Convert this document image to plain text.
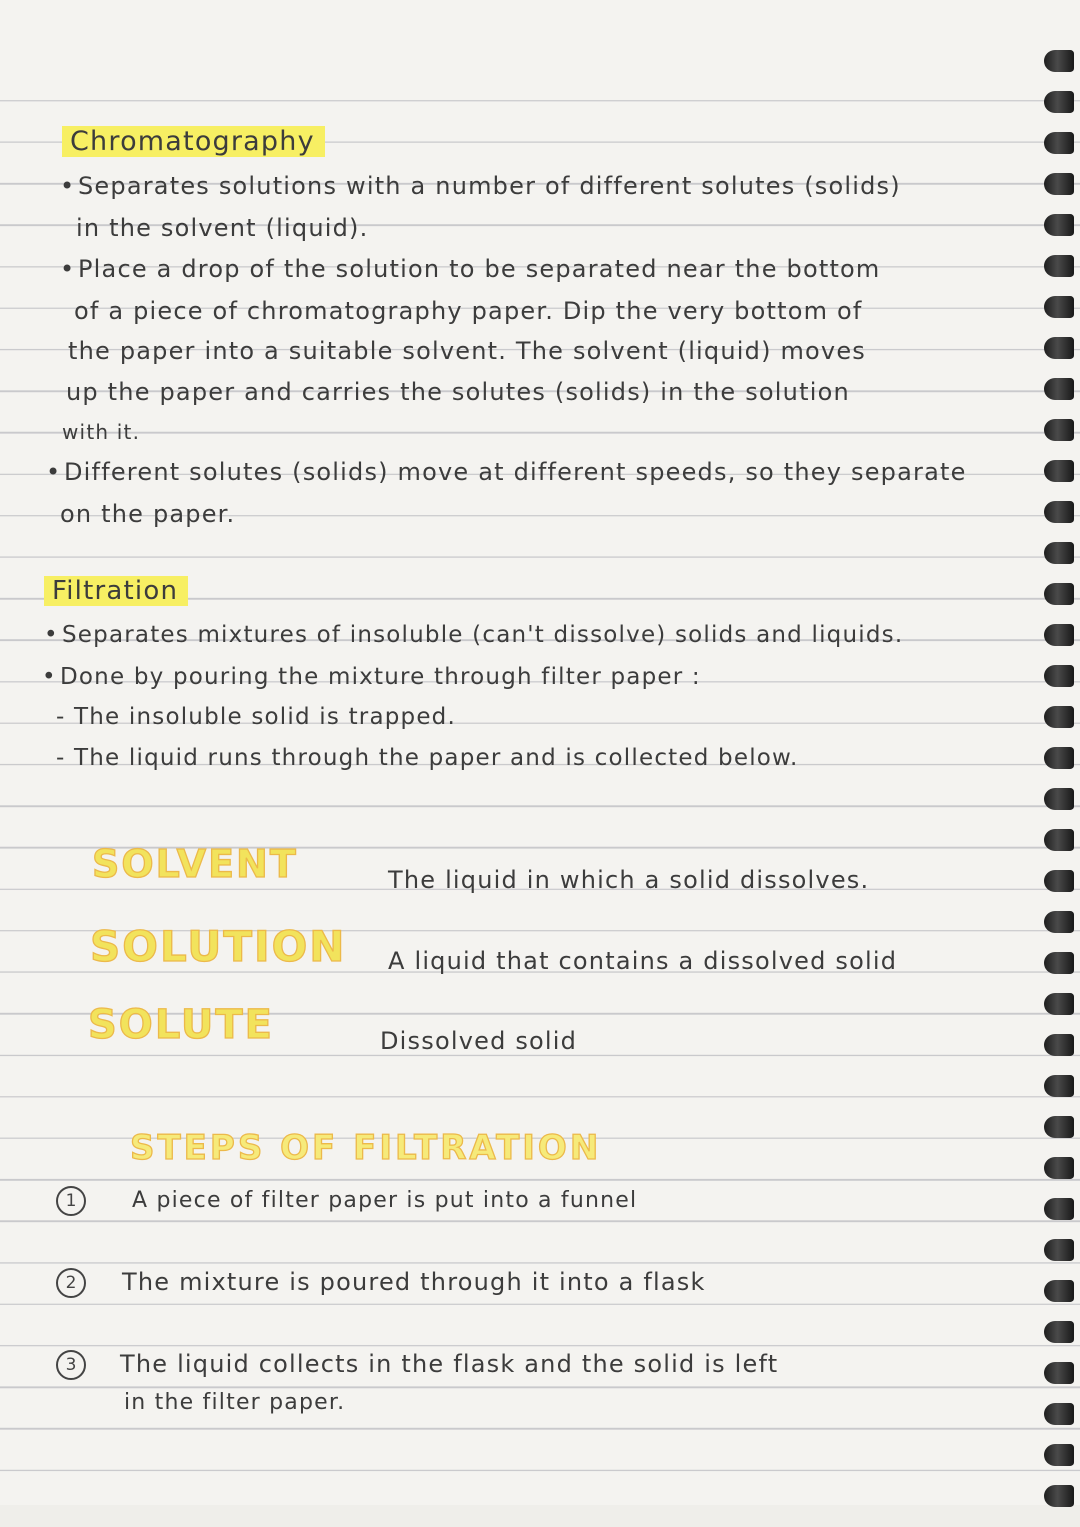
Chromatography
• Separates solutions with a number of different solutes (solids)
in the solvent (liquid).
• Place a drop of the solution to be separated near the bottom
of a piece of chromatography paper. Dip the very bottom of
the paper into a suitable solvent. The solvent (liquid) moves
up the paper and carries the solutes (solids) in the solution
with it.
• Different solutes (solids) move at different speeds, so they separate
on the paper.
Filtration
• Separates mixtures of insoluble (can't dissolve) solids and liquids.
• Done by pouring the mixture through filter paper :
- The insoluble solid is trapped.
- The liquid runs through the paper and is collected below.
SOLVENT	The liquid in which a solid dissolves.
SOLUTION A liquid that contains a dissolved solid
SOLUTE	Dissolved solid
STEPS OF FILTRATION
1	A piece of filter paper is put into a funnel
2	The mixture is poured through it into a flask
3	The liquid collects in the flask and the solid is left
in the filter paper.
